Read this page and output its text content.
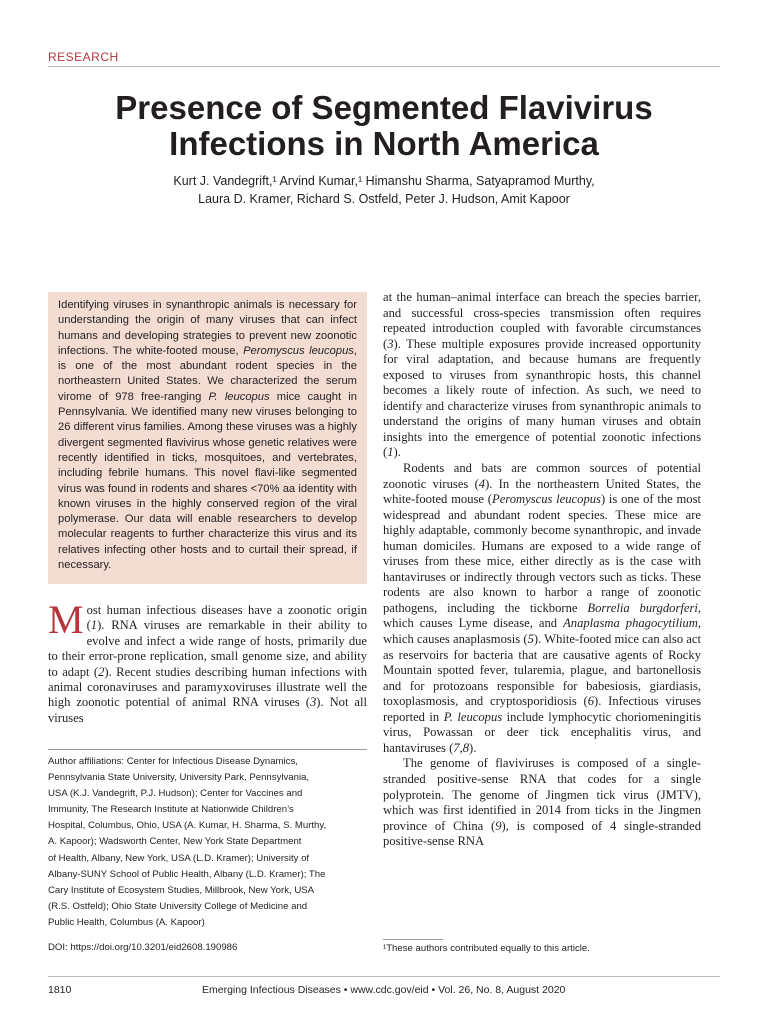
RESEARCH
Presence of Segmented Flavivirus Infections in North America
Kurt J. Vandegrift,¹ Arvind Kumar,¹ Himanshu Sharma, Satyapramod Murthy,
Laura D. Kramer, Richard S. Ostfeld, Peter J. Hudson, Amit Kapoor

Identifying viruses in synanthropic animals is necessary for understanding the origin of many viruses that can infect humans and developing strategies to prevent new zoonotic infections. The white-footed mouse, Peromyscus leucopus, is one of the most abundant rodent species in the northeastern United States. We characterized the serum virome of 978 free-ranging P. leucopus mice caught in Pennsylvania. We identified many new viruses belonging to 26 different virus families. Among these viruses was a highly divergent segmented flavivirus whose genetic relatives were recently identified in ticks, mosquitoes, and vertebrates, including febrile humans. This novel flavi-like segmented virus was found in rodents and shares <70% aa identity with known viruses in the highly conserved region of the viral polymerase. Our data will enable researchers to develop molecular reagents to further characterize this virus and its relatives infecting other hosts and to curtail their spread, if necessary.

Most human infectious diseases have a zoonotic origin (1). RNA viruses are remarkable in their ability to evolve and infect a wide range of hosts, primarily due to their error-prone replication, small genome size, and ability to adapt (2). Recent studies describing human infections with animal coronaviruses and paramyxoviruses illustrate well the high zoonotic potential of animal RNA viruses (3). Not all viruses

Author affiliations: Center for Infectious Disease Dynamics,

Pennsylvania State University, University Park, Pennsylvania,

USA (K.J. Vandegrift, P.J. Hudson); Center for Vaccines and

Immunity, The Research Institute at Nationwide Children’s

Hospital, Columbus, Ohio, USA (A. Kumar, H. Sharma, S. Murthy,

A. Kapoor); Wadsworth Center, New York State Department

of Health, Albany, New York, USA (L.D. Kramer); University of

Albany-SUNY School of Public Health, Albany (L.D. Kramer); The

Cary Institute of Ecosystem Studies, Millbrook, New York, USA

(R.S. Ostfeld); Ohio State University College of Medicine and

Public Health, Columbus (A. Kapoor)

DOI: https://doi.org/10.3201/eid2608.190986

at the human–animal interface can breach the species barrier, and successful cross-species transmission often requires repeated introduction coupled with favorable circumstances (3). These multiple exposures provide increased opportunity for viral adaptation, and because humans are frequently exposed to viruses from synanthropic hosts, this channel becomes a likely route of infection. As such, we need to identify and characterize viruses from synanthropic animals to understand the origins of many human viruses and obtain insights into the emergence of potential zoonotic infections (1).

Rodents and bats are common sources of potential zoonotic viruses (4). In the northeastern United States, the white-footed mouse (Peromyscus leucopus) is one of the most widespread and abundant rodent species. These mice are highly adaptable, commonly become synanthropic, and invade human domiciles. Humans are exposed to a wide range of viruses from these mice, either directly as is the case with hantaviruses or indirectly through vectors such as ticks. These rodents are also known to harbor a range of zoonotic pathogens, including the tickborne Borrelia burgdorferi, which causes Lyme disease, and Anaplasma phagocytilium, which causes anaplasmosis (5). White-footed mice can also act as reservoirs for bacteria that are causative agents of Rocky Mountain spotted fever, tularemia, plague, and bartonellosis and for protozoans responsible for babesiosis, giardiasis, toxoplasmosis, and cryptosporidiosis (6). Infectious viruses reported in P. leucopus include lymphocytic choriomeningitis virus, Powassan or deer tick encephalitis virus, and hantaviruses (7,8).

The genome of flaviviruses is composed of a single-stranded positive-sense RNA that codes for a single polyprotein. The genome of Jingmen tick virus (JMTV), which was first identified in 2014 from ticks in the Jingmen province of China (9), is composed of 4 single-stranded positive-sense RNA

¹These authors contributed equally to this article.
1810	Emerging Infectious Diseases • www.cdc.gov/eid • Vol. 26, No. 8, August 2020
